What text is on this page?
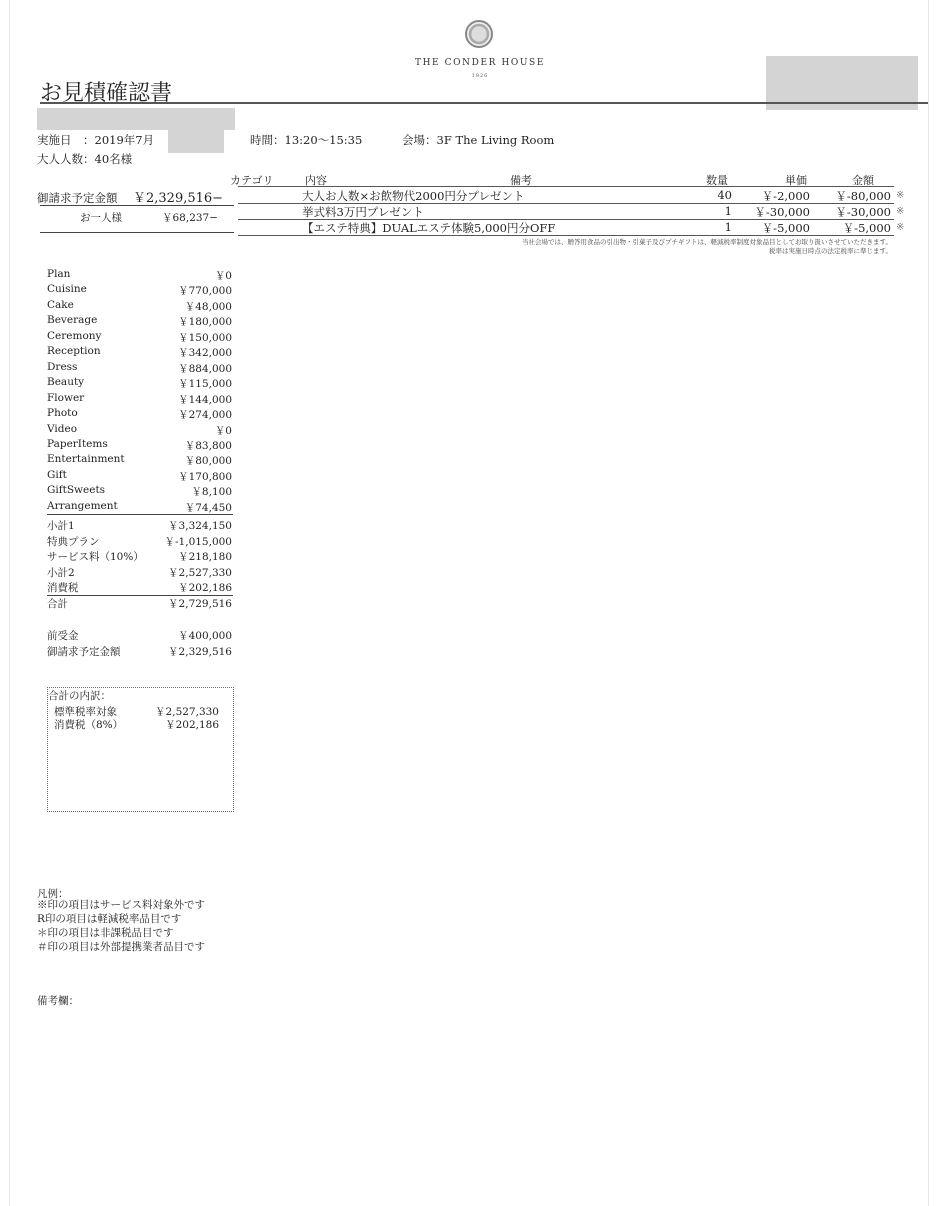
THE CONDER HOUSE
1926
お見積確認書
実施日　：2019年7月
大人人数：40名様
時間：13:20～15:35	会場：3F The Living Room
御請求予定金額 ￥2,329,516−
お一人様	￥68,237−
カテゴリ	内容	備考	数量	単価	金額
大人お人数×お飲物代2000円分プレゼント	40	￥-2,000	￥-80,000 ※
挙式料3万円プレゼント	1	￥-30,000	￥-30,000 ※
【エステ特典】DUALエステ体験5,000円分OFF	1	￥-5,000	￥-5,000 ※
当社会場では、贈答用食品の引出物・引菓子及びプチギフトは、軽減税率制度対象品目としてお取り扱いさせていただきます。
税率は実施日時点の法定税率に準じます。
Plan	￥0
Cuisine	￥770,000
Cake	￥48,000
Beverage	￥180,000
Ceremony	￥150,000
Reception	￥342,000
Dress	￥884,000
Beauty	￥115,000
Flower	￥144,000
Photo	￥274,000
Video	￥0
PaperItems	￥83,800
Entertainment	￥80,000
Gift	￥170,800
GiftSweets	￥8,100
Arrangement	￥74,450
小計1	￥3,324,150
特典プラン	￥-1,015,000
サービス料（10%）	￥218,180
小計2	￥2,527,330
消費税	￥202,186
合計	￥2,729,516
前受金	￥400,000
御請求予定金額	￥2,329,516
合計の内訳：
標準税率対象	￥2,527,330
消費税（8%）	￥202,186
凡例：
※印の項目はサービス料対象外です
R印の項目は軽減税率品目です
＊印の項目は非課税品目です
＃印の項目は外部提携業者品目です
備考欄：
